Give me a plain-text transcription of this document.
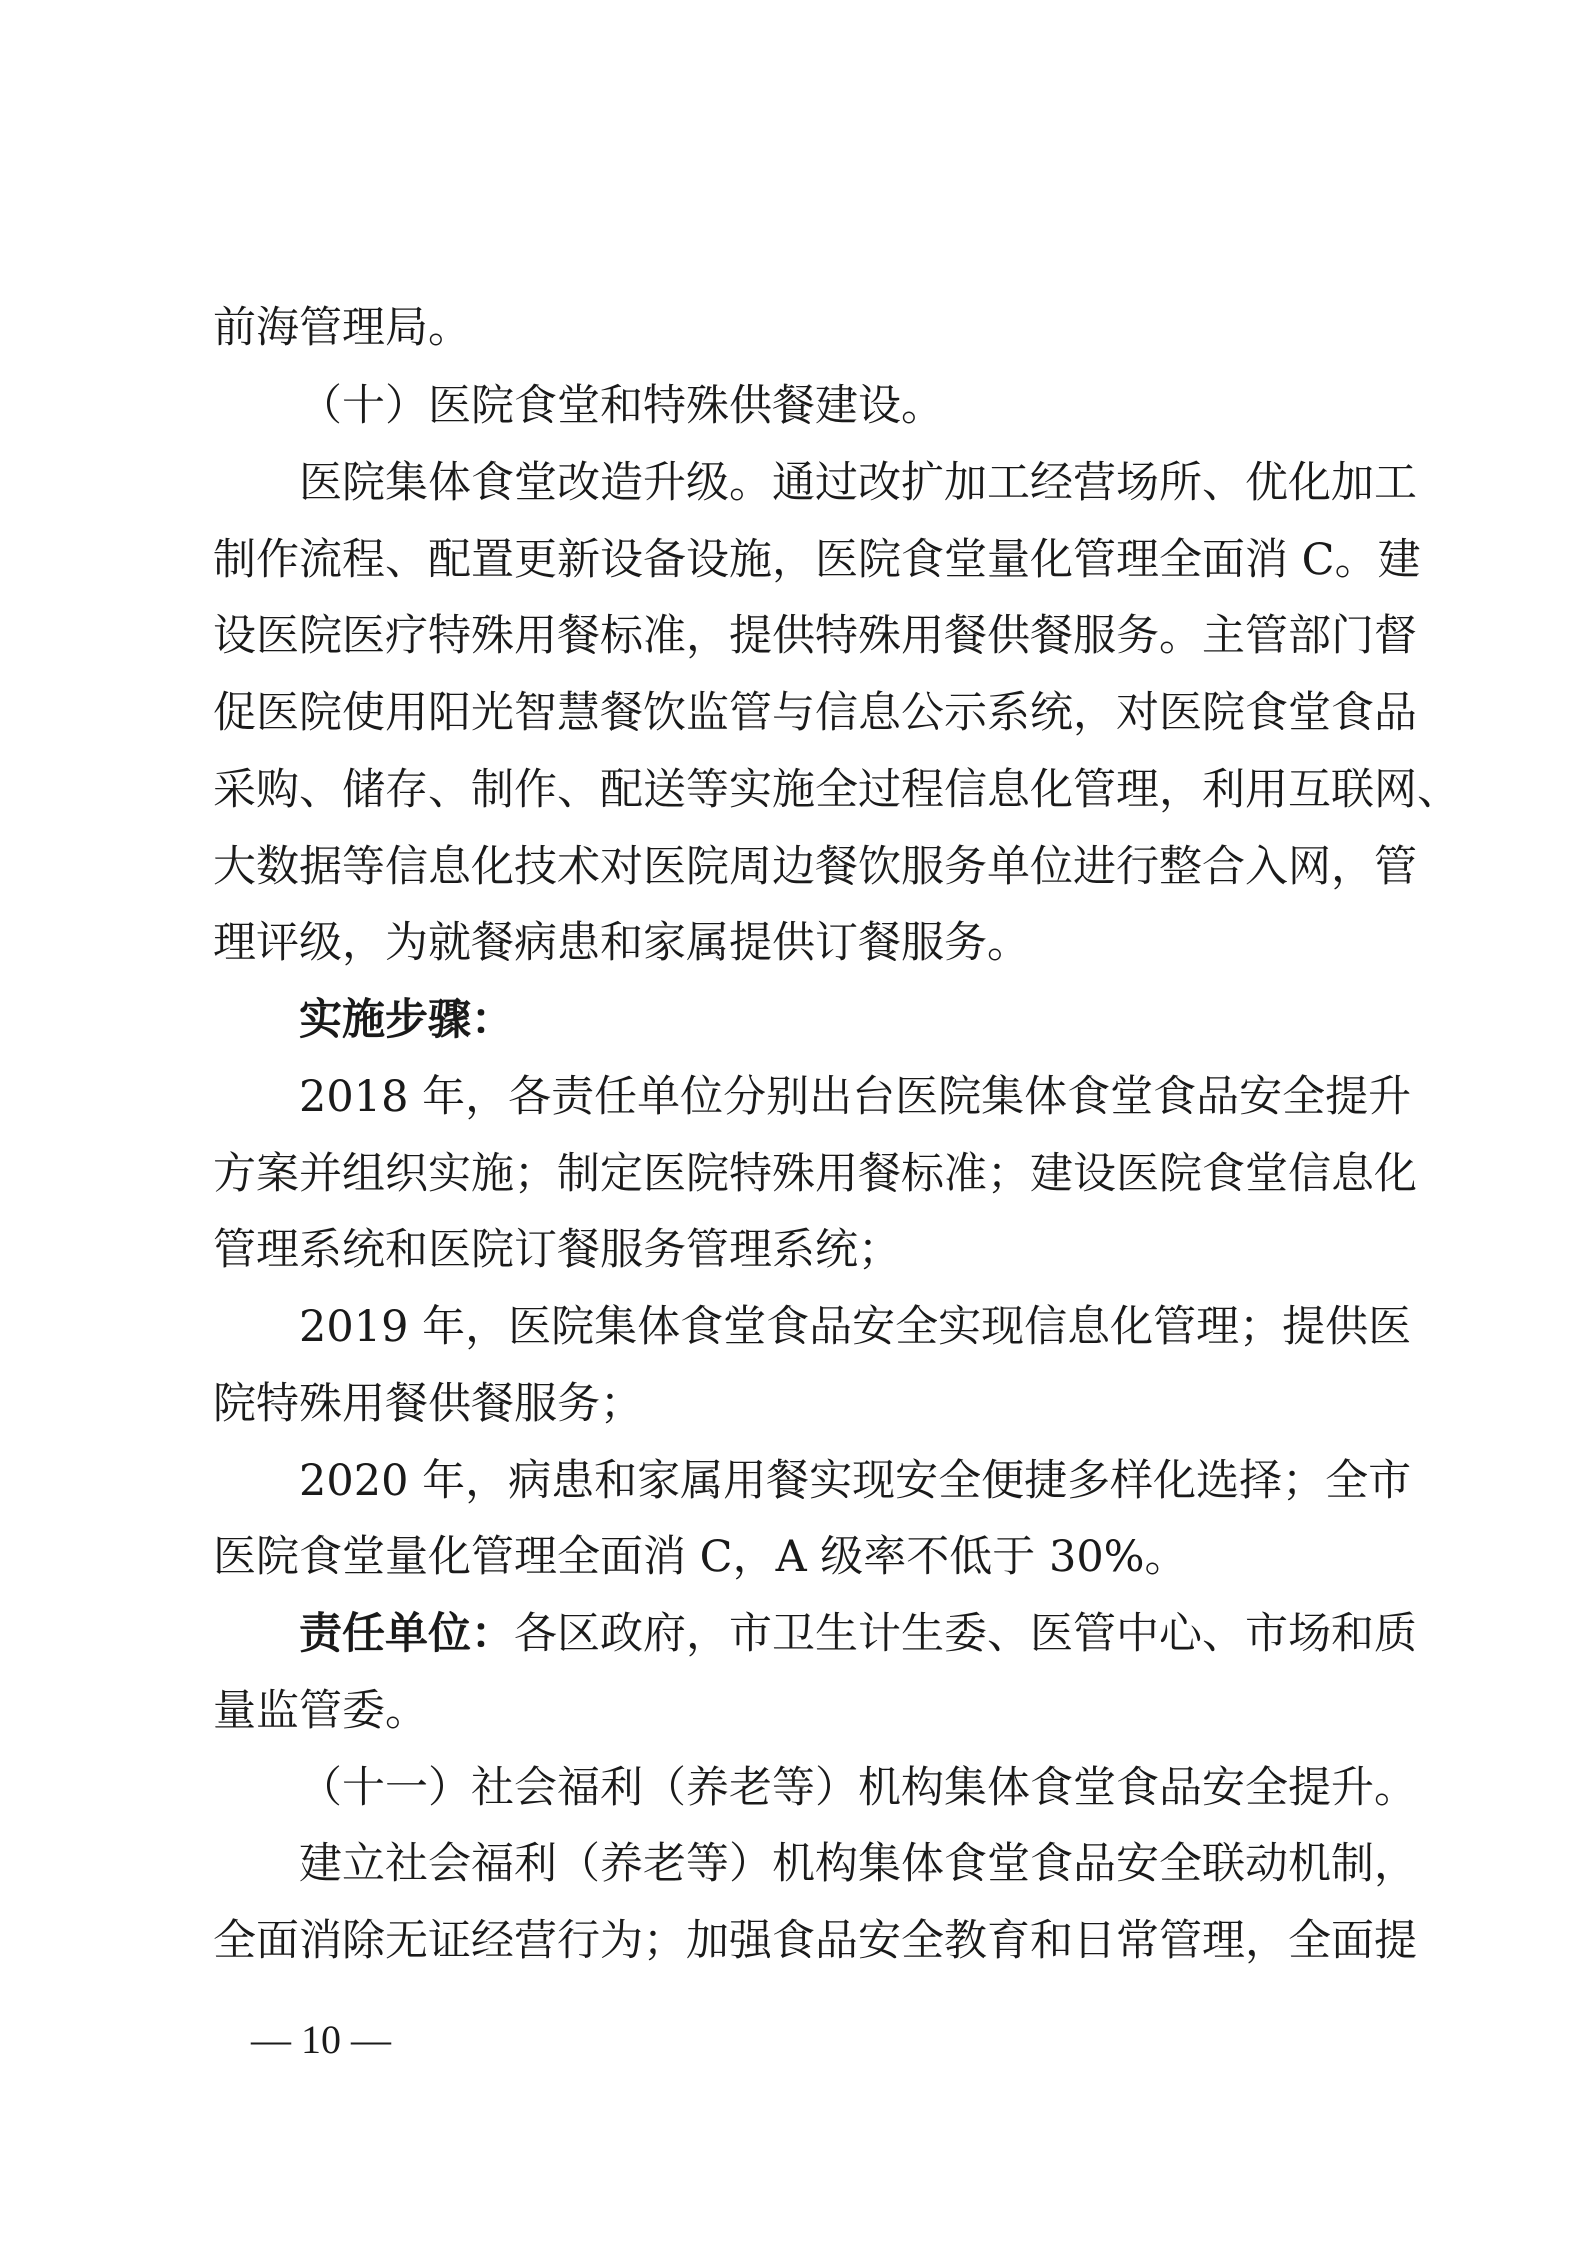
前海管理局。
（十）医院食堂和特殊供餐建设。
医院集体食堂改造升级。通过改扩加工经营场所、优化加工
制作流程、配置更新设备设施，医院食堂量化管理全面消 C。建
设医院医疗特殊用餐标准，提供特殊用餐供餐服务。主管部门督
促医院使用阳光智慧餐饮监管与信息公示系统，对医院食堂食品
采购、储存、制作、配送等实施全过程信息化管理，利用互联网、
大数据等信息化技术对医院周边餐饮服务单位进行整合入网，管
理评级，为就餐病患和家属提供订餐服务。
实施步骤：
2018 年，各责任单位分别出台医院集体食堂食品安全提升
方案并组织实施；制定医院特殊用餐标准；建设医院食堂信息化
管理系统和医院订餐服务管理系统；
2019 年，医院集体食堂食品安全实现信息化管理；提供医
院特殊用餐供餐服务；
2020 年，病患和家属用餐实现安全便捷多样化选择；全市
医院食堂量化管理全面消 C，A 级率不低于 30%。
责任单位：各区政府，市卫生计生委、医管中心、市场和质
量监管委。
（十一）社会福利（养老等）机构集体食堂食品安全提升。
建立社会福利（养老等）机构集体食堂食品安全联动机制，
全面消除无证经营行为；加强食品安全教育和日常管理，全面提
— 10 —
